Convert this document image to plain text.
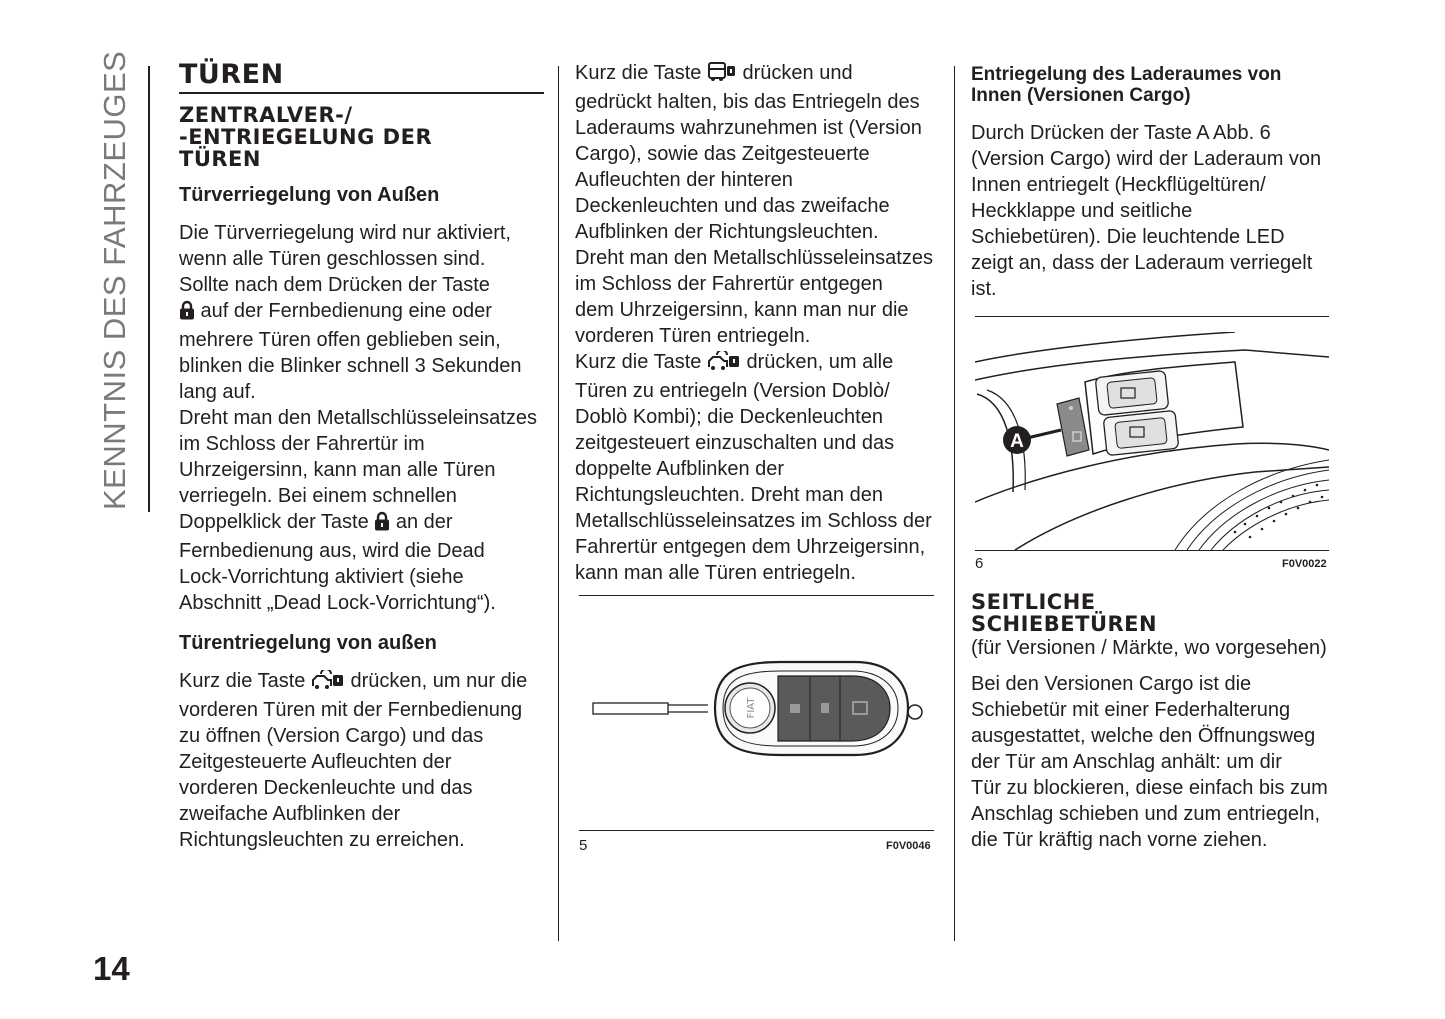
KENNTNIS DES FAHRZEUGES
14
TÜREN
ZENTRALVER-/
-ENTRIEGELUNG DER
TÜREN
Türverriegelung von Außen

Die Türverriegelung wird nur aktiviert,

wenn alle Türen geschlossen sind.

Sollte nach dem Drücken der Taste

auf der Fernbedienung eine oder

mehrere Türen offen geblieben sein,

blinken die Blinker schnell 3 Sekunden

lang auf.

Dreht man den Metallschlüsseleinsatzes

im Schloss der Fahrertür im

Uhrzeigersinn, kann man alle Türen

verriegeln. Bei einem schnellen

Doppelklick der Taste  an der

Fernbedienung aus, wird die Dead

Lock-Vorrichtung aktiviert (siehe

Abschnitt „Dead Lock-Vorrichtung“).

Türentriegelung von außen

Kurz die Taste  drücken, um nur die

vorderen Türen mit der Fernbedienung

zu öffnen (Version Cargo) und das

Zeitgesteuerte Aufleuchten der

vorderen Deckenleuchte und das

zweifache Aufblinken der

Richtungsleuchten zu erreichen.

Kurz die Taste  drücken und

gedrückt halten, bis das Entriegeln des

Laderaums wahrzunehmen ist (Version

Cargo), sowie das Zeitgesteuerte

Aufleuchten der hinteren

Deckenleuchten und das zweifache

Aufblinken der Richtungsleuchten.

Dreht man den Metallschlüsseleinsatzes

im Schloss der Fahrertür entgegen

dem Uhrzeigersinn, kann man nur die

vorderen Türen entriegeln.

Kurz die Taste  drücken, um alle

Türen zu entriegeln (Version Doblò/

Doblò Kombi); die Deckenleuchten

zeitgesteuert einzuschalten und das

doppelte Aufblinken der

Richtungsleuchten. Dreht man den

Metallschlüsseleinsatzes im Schloss der

Fahrertür entgegen dem Uhrzeigersinn,

kann man alle Türen entriegeln.

FIAT
5	F0V0046
Entriegelung des Laderaumes von
Innen (Versionen Cargo)

Durch Drücken der Taste A Abb. 6

(Version Cargo) wird der Laderaum von

Innen entriegelt (Heckflügeltüren/

Heckklappe und seitliche

Schiebetüren). Die leuchtende LED

zeigt an, dass der Laderaum verriegelt

ist.

A
6	F0V0022
SEITLICHE
SCHIEBETÜREN

(für Versionen / Märkte, wo vorgesehen)

Bei den Versionen Cargo ist die

Schiebetür mit einer Federhalterung

ausgestattet, welche den Öffnungsweg

der Tür am Anschlag anhält: um dir

Tür zu blockieren, diese einfach bis zum

Anschlag schieben und zum entriegeln,

die Tür kräftig nach vorne ziehen.
